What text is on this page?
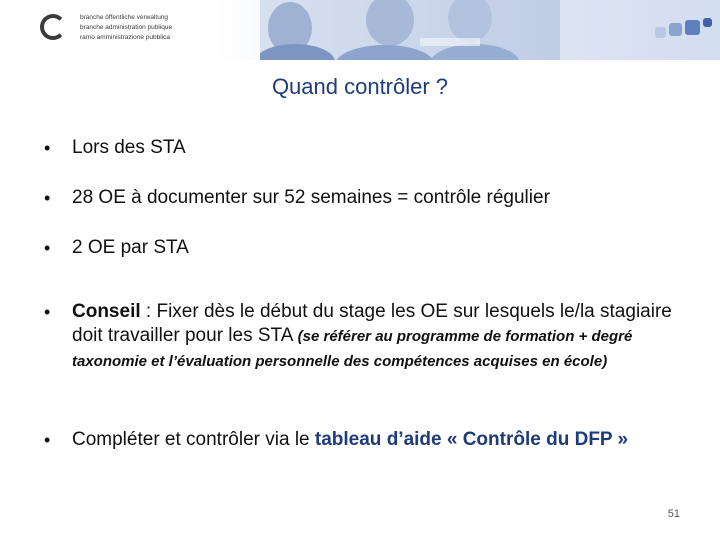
branche öffentliche verwaltung
branche administration publique
ramo amministrazione pubblica
Quand contrôler ?
• Lors des STA
• 28 OE à documenter sur 52 semaines = contrôle régulier
• 2 OE par STA
• Conseil : Fixer dès le début du stage les OE sur lesquels le/la stagiaire doit travailler pour les STA (se référer au programme de formation + degré taxonomie et l’évaluation personnelle des compétences acquises en école)
• Compléter et contrôler via le tableau d’aide « Contrôle du DFP »
51
